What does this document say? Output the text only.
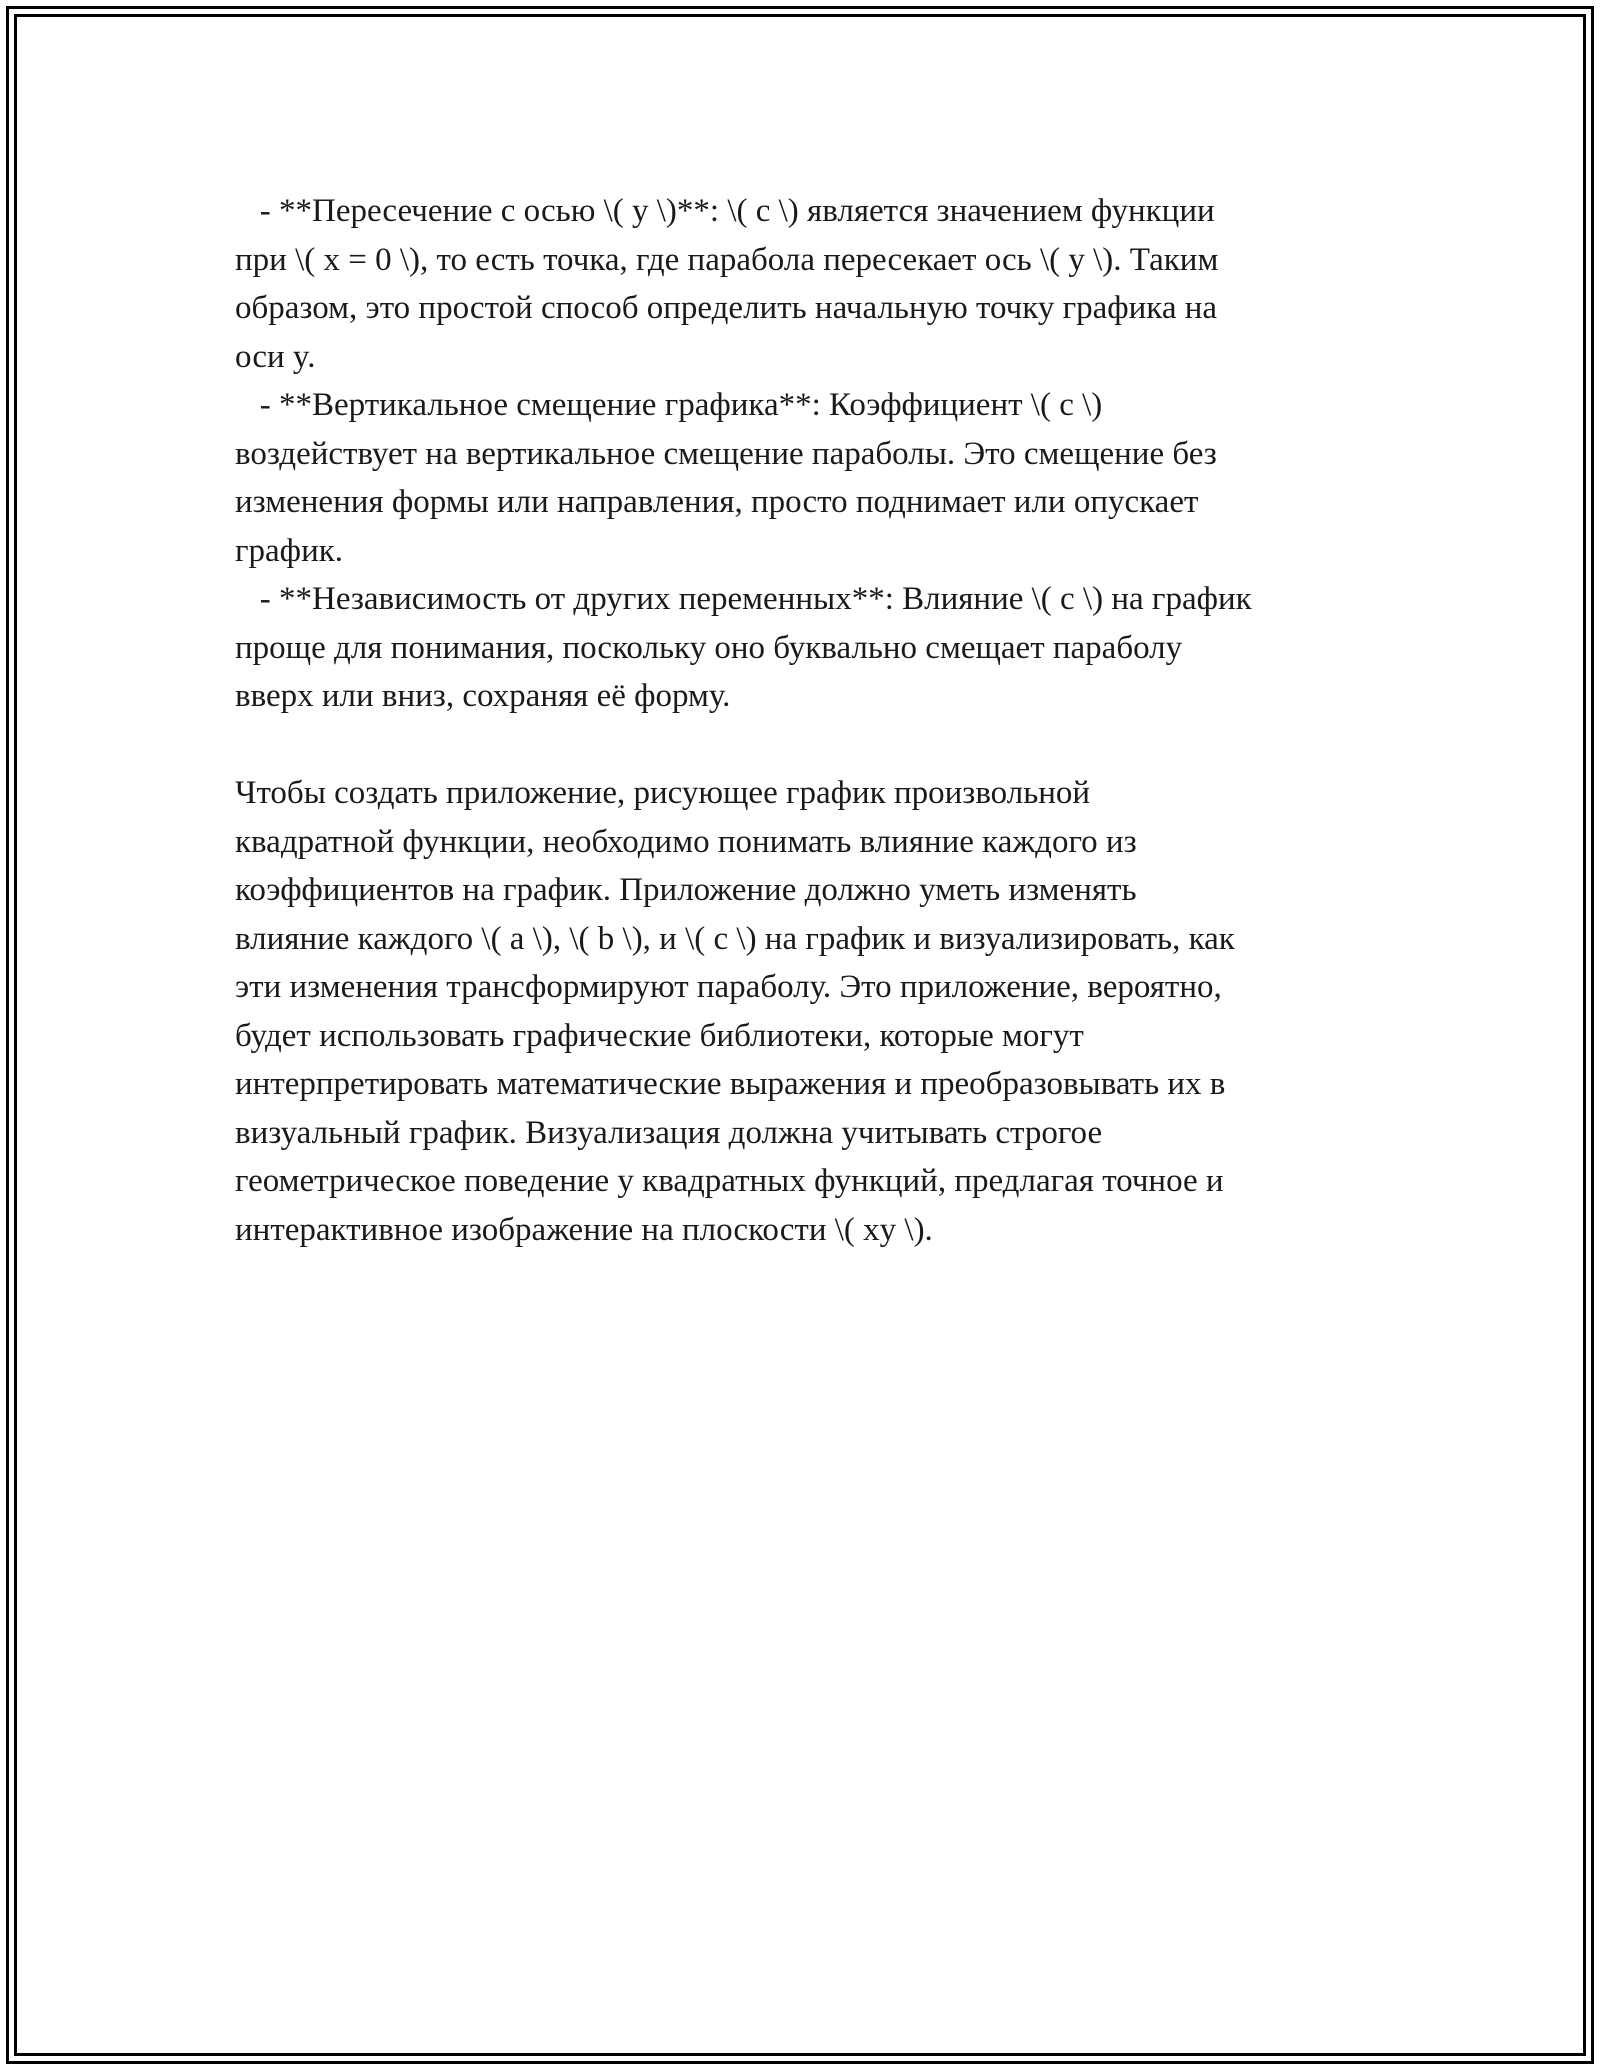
- **Пересечение с осью \( y \)**: \( c \) является значением функции
при \( x = 0 \), то есть точка, где парабола пересекает ось \( y \). Таким
образом, это простой способ определить начальную точку графика на
оси y.
- **Вертикальное смещение графика**: Коэффициент \( c \)
воздействует на вертикальное смещение параболы. Это смещение без
изменения формы или направления, просто поднимает или опускает
график.
- **Независимость от других переменных**: Влияние \( c \) на график
проще для понимания, поскольку оно буквально смещает параболу
вверх или вниз, сохраняя её форму.
Чтобы создать приложение, рисующее график произвольной
квадратной функции, необходимо понимать влияние каждого из
коэффициентов на график. Приложение должно уметь изменять
влияние каждого \( a \), \( b \), и \( c \) на график и визуализировать, как
эти изменения трансформируют параболу. Это приложение, вероятно,
будет использовать графические библиотеки, которые могут
интерпретировать математические выражения и преобразовывать их в
визуальный график. Визуализация должна учитывать строгое
геометрическое поведение у квадратных функций, предлагая точное и
интерактивное изображение на плоскости \( xy \).
